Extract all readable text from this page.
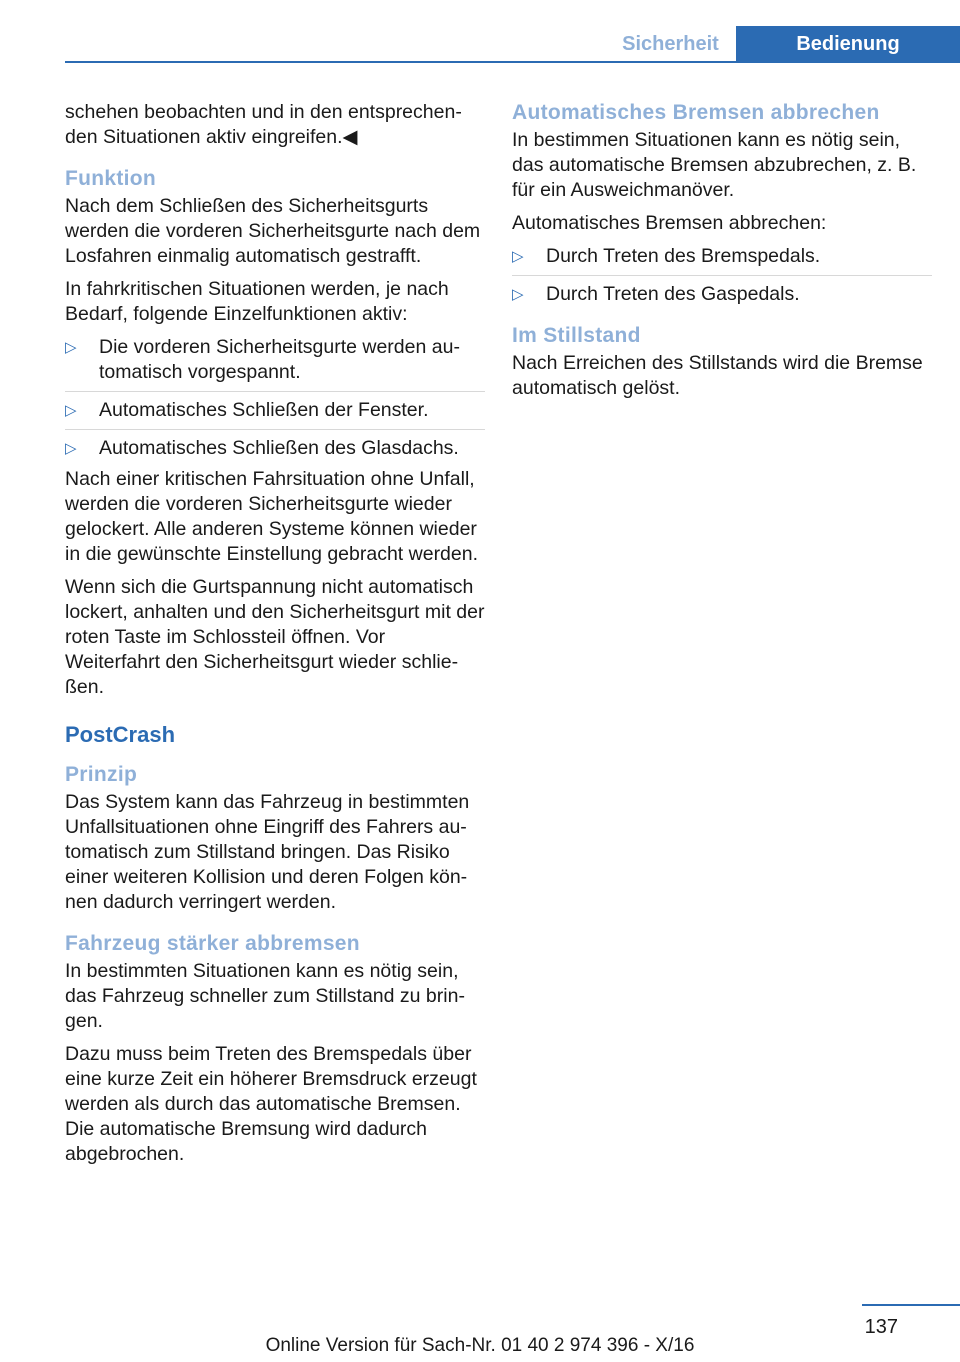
Sicherheit	Bedienung

schehen beobachten und in den entsprechenden Situationen aktiv eingreifen.◀

Funktion

Nach dem Schließen des Sicherheitsgurts werden die vorderen Sicherheitsgurte nach dem Losfahren einmalig automatisch gestrafft.

In fahrkritischen Situationen werden, je nach Bedarf, folgende Einzelfunktionen aktiv:

▷ Die vorderen Sicherheitsgurte werden automatisch vorgespannt.
▷ Automatisches Schließen der Fenster.
▷ Automatisches Schließen des Glasdachs.

Nach einer kritischen Fahrsituation ohne Unfall, werden die vorderen Sicherheitsgurte wieder gelockert. Alle anderen Systeme können wieder in die gewünschte Einstellung gebracht werden.

Wenn sich die Gurtspannung nicht automatisch lockert, anhalten und den Sicherheitsgurt mit der roten Taste im Schlossteil öffnen. Vor Weiterfahrt den Sicherheitsgurt wieder schließen.

PostCrash
Prinzip

Das System kann das Fahrzeug in bestimmten Unfallsituationen ohne Eingriff des Fahrers automatisch zum Stillstand bringen. Das Risiko einer weiteren Kollision und deren Folgen können dadurch verringert werden.

Fahrzeug stärker abbremsen

In bestimmten Situationen kann es nötig sein, das Fahrzeug schneller zum Stillstand zu bringen.

Dazu muss beim Treten des Bremspedals über eine kurze Zeit ein höherer Bremsdruck erzeugt werden als durch das automatische Bremsen. Die automatische Bremsung wird dadurch abgebrochen.

Automatisches Bremsen abbrechen

In bestimmen Situationen kann es nötig sein, das automatische Bremsen abzubrechen, z. B. für ein Ausweichmanöver.

Automatisches Bremsen abbrechen:

▷ Durch Treten des Bremspedals.
▷ Durch Treten des Gaspedals.
Im Stillstand

Nach Erreichen des Stillstands wird die Bremse automatisch gelöst.

137
Online Version für Sach-Nr. 01 40 2 974 396 - X/16
